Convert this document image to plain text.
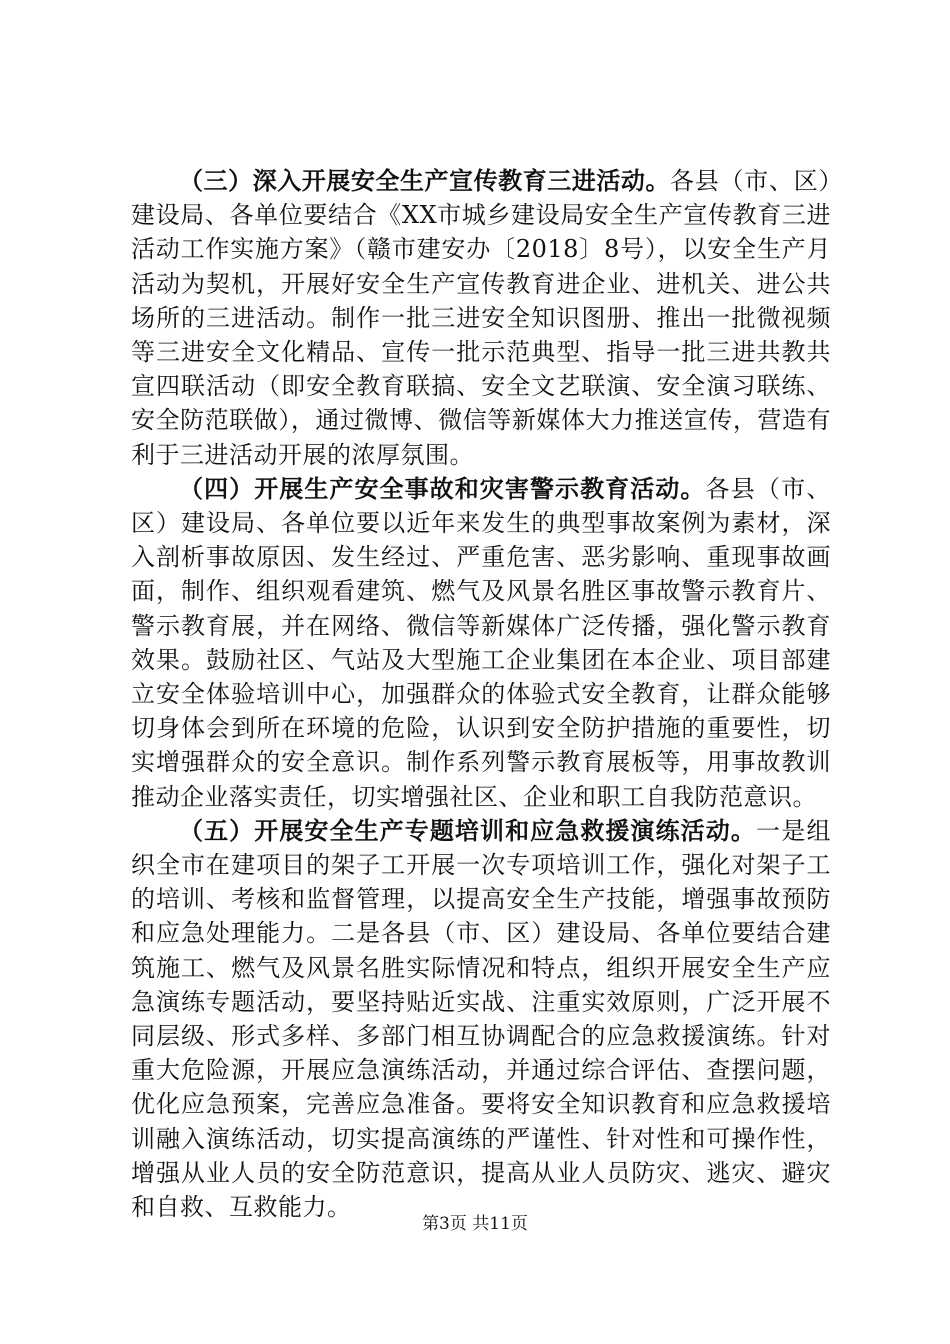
（三）深入开展安全生产宣传教育三进活动。各县（市、区）建设局、各单位要结合《XX市城乡建设局安全生产宣传教育三进活动工作实施方案》（赣市建安办〔2018〕8号），以安全生产月活动为契机，开展好安全生产宣传教育进企业、进机关、进公共场所的三进活动。制作一批三进安全知识图册、推出一批微视频等三进安全文化精品、宣传一批示范典型、指导一批三进共教共宣四联活动（即安全教育联搞、安全文艺联演、安全演习联练、安全防范联做），通过微博、微信等新媒体大力推送宣传，营造有利于三进活动开展的浓厚氛围。

（四）开展生产安全事故和灾害警示教育活动。各县（市、区）建设局、各单位要以近年来发生的典型事故案例为素材，深入剖析事故原因、发生经过、严重危害、恶劣影响、重现事故画面，制作、组织观看建筑、燃气及风景名胜区事故警示教育片、警示教育展，并在网络、微信等新媒体广泛传播，强化警示教育效果。鼓励社区、气站及大型施工企业集团在本企业、项目部建立安全体验培训中心，加强群众的体验式安全教育，让群众能够切身体会到所在环境的危险，认识到安全防护措施的重要性，切实增强群众的安全意识。制作系列警示教育展板等，用事故教训推动企业落实责任，切实增强社区、企业和职工自我防范意识。

（五）开展安全生产专题培训和应急救援演练活动。一是组织全市在建项目的架子工开展一次专项培训工作，强化对架子工的培训、考核和监督管理，以提高安全生产技能，增强事故预防和应急处理能力。二是各县（市、区）建设局、各单位要结合建筑施工、燃气及风景名胜实际情况和特点，组织开展安全生产应急演练专题活动，要坚持贴近实战、注重实效原则，广泛开展不同层级、形式多样、多部门相互协调配合的应急救援演练。针对重大危险源，开展应急演练活动，并通过综合评估、查摆问题，优化应急预案，完善应急准备。要将安全知识教育和应急救援培训融入演练活动，切实提高演练的严谨性、针对性和可操作性，增强从业人员的安全防范意识，提高从业人员防灾、逃灾、避灾和自救、互救能力。

第3页 共11页
